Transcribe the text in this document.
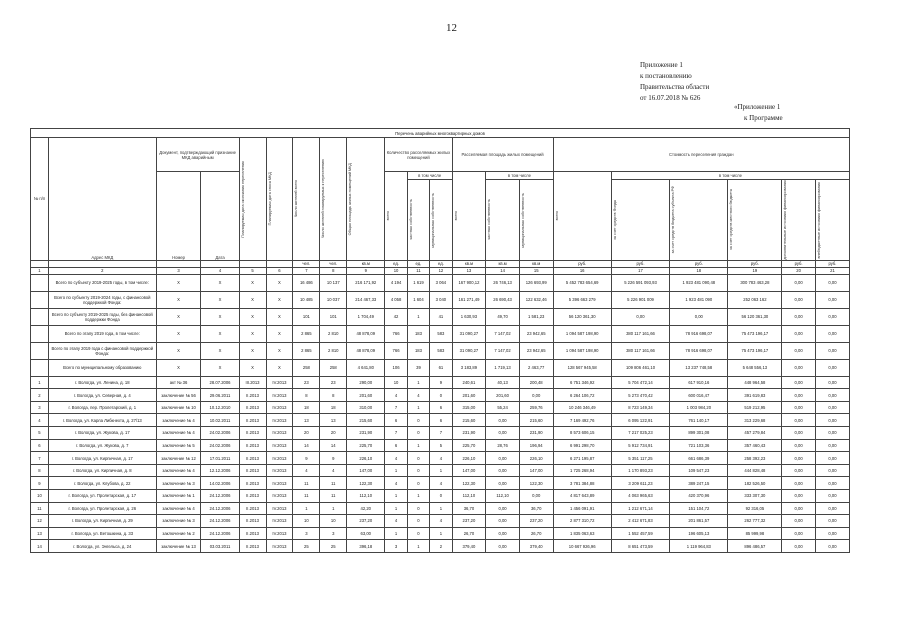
12
Приложение 1
к постановлению
Правительства области
от 16.07.2018 № 626
«Приложение 1
к Программе
Перечень аварийных многоквартирных домов																				
№ п/п	Адрес МКД	Документ, подтверждающий признание МКД аварийным		Планируемая дата окончания переселения	Планируемая дата сноса МКД	Число жителей всего	Число жителей планируемых к переселению	Общая площадь жилых помещений МКД	Количество расселяемых жилых помещений			Расселяемая площадь жилых помещений			Стоимость переселения граждан					
		Номер	Дата						всего	в том числе		всего	в том числе		всего	в том числе				

										частная собственность	муниципальная собственность		частная собственность	муниципальная собственность		за счет средств Фонда	за счет средств бюджета субъекта РФ	за счет средств местного бюджета	дополнительные источники финансирования	внебюджетные источники финансирования

						чел.	чел.	кв.м	ед.	ед.	ед.	кв.м	кв.м	кв.м	руб.	руб.	руб.	руб.	руб.	руб.
1	2	3	4	5	6	7	8	9	10	11	12	13	14	15	16	17	18	19	20	21
	Всего по субъекту 2019-2025 годы, в том числе:	Х	Х	Х	Х	16 486	10 137	216 171,92	4 194	1 619	3 064	167 900,12	26 746,13	126 693,99	5 452 783 654,69	5 226 591 093,93	1 923 481 090,48	300 783 463,28	0,00	0,00
	Всего по субъекту 2019-2024 годы, с финансовой поддержкой Фонда:	Х	Х	Х	Х	10 485	10 037	214 467,33	4 058	1 604	3 040	161 271,49	26 690,43	122 632,46	5 396 663 279	5 226 901 009	1 923 481 090	252 063 162	0,00	0,00
	Всего по субъекту 2019-2025 годы, без финансовой поддержки Фонда	Х	Х	Х	Х	101	101	1 704,49	42	1	41	1 630,93	49,70	1 581,23	56 120 361,30	0,00	0,00	56 120 361,30	0,00	0,00
	Всего по этапу 2019 года, в том числе:	Х	Х	Х	Х	2 865	2 810	48 878,09	766	183	583	31 090,27	7 147,02	23 942,65	1 094 587 198,90	380 117 161,66	78 916 698,07	75 473 196,17	0,00	0,00
	Всего по этапу 2019 года с финансовой поддержкой Фонда:	Х	Х	Х	Х	2 865	2 810	48 878,09	766	183	583	31 090,27	7 147,02	23 942,65	1 094 587 198,90	380 117 161,66	78 916 698,07	75 473 196,17	0,00	0,00
	Всего по муниципальному образованию	Х	Х	Х	Х	258	258	4 641,80	106	39	61	3 183,89	1 719,13	2 463,77	128 567 945,58	109 806 461,10	13 237 748,58	5 648 556,13	0,00	0,00
1	г. Вологда, ул. Ленина, д. 18	акт № 36	28.07.2006	III.2013	IV.2013	23	23	290,00	10	1	9	240,61	40,13	200,48	6 751 346,92	5 704 472,14	617 910,16	448 964,58	0,00	0,00
2	г. Вологда, ул. Северная, д. 4	заключение № 56	29.06.2011	II.2013	IV.2013	8	8	201,60	4	4	0	201,60	201,60	0,00	6 264 106,72	5 273 470,42	600 016,47	391 619,83	0,00	0,00
3	г. Вологда, пер. Пролетарский, д. 1	заключение № 10	10.12.2010	II.2013	IV.2013	18	18	310,00	7	1	6	315,00	55,24	259,76	10 246 346,49	8 723 149,34	1 003 984,20	519 212,95	0,00	0,00
4	г. Вологда, ул. Карла Либкнехта, д. 27/13	заключение № 4	10.02.2011	II.2013	IV.2013	13	13	215,60	6	0	6	215,60	0,00	215,60	7 169 492,76	6 095 122,91	761 140,17	313 229,68	0,00	0,00
5	г. Вологда, ул. Жукова, д. 17	заключение № 4	24.02.2006	II.2013	IV.2013	20	20	231,90	7	0	7	231,90	0,00	231,90	8 573 606,15	7 217 025,23	899 301,08	457 279,84	0,00	0,00
6	г. Вологда, ул. Жукова, д. 7	заключение № 5	24.02.2006	II.2013	IV.2013	14	14	225,70	6	1	5	225,70	28,76	196,94	6 991 298,70	5 912 734,91	721 103,36	357 460,43	0,00	0,00
7	г. Вологда, ул. Кирпичная, д. 17	заключение № 12	17.01.2011	II.2013	IV.2013	9	9	226,10	4	0	4	226,10	0,00	226,10	6 271 195,87	5 351 117,25	661 686,39	258 392,23	0,00	0,00
8	г. Вологда, ул. Кирпичная, д. 8	заключение № 4	12.12.2006	II.2013	IV.2013	4	4	147,00	1	0	1	147,00	0,00	147,00	1 725 268,94	1 170 893,23	109 547,23	444 828,48	0,00	0,00
9	г. Вологда, ул. Клубова, д. 22	заключение № 3	14.02.2006	II.2013	IV.2013	11	11	122,30	4	0	4	122,30	0,00	122,30	3 781 384,88	3 209 611,23	389 247,15	182 526,50	0,00	0,00
10	г. Вологда, ул. Пролетарская, д. 17	заключение № 1	24.12.2006	II.2013	IV.2013	11	11	112,10	1	1	0	112,10	112,10	0,00	4 817 643,89	4 063 965,63	420 370,96	333 307,30	0,00	0,00
11	г. Вологда, ул. Пролетарская, д. 26	заключение № 4	24.12.2006	II.2013	IV.2013	1	1	42,20	1	0	1	36,70	0,00	36,70	1 456 091,91	1 212 671,14	151 104,72	92 316,05	0,00	0,00
12	г. Вологда, ул. Кирпичная, д. 29	заключение № 3	24.12.2006	II.2013	IV.2013	10	10	237,20	4	0	4	237,20	0,00	237,20	2 877 310,72	2 412 671,83	201 861,57	262 777,32	0,00	0,00
13	г. Вологда, ул. Ветошкина, д. 33	заключение № 2	24.12.2006	II.2013	IV.2013	3	3	63,00	1	0	1	26,70	0,00	26,70	1 835 063,63	1 552 457,59	196 605,13	85 999,98	0,00	0,00
14	г. Вологда, ул. Энгельса, д. 24	заключение № 13	03.03.2011	II.2013	IV.2013	25	25	396,18	3	1	2	379,40	0,00	379,40	10 667 926,96	8 651 473,59	1 119 964,83	896 486,57	0,00	0,00
